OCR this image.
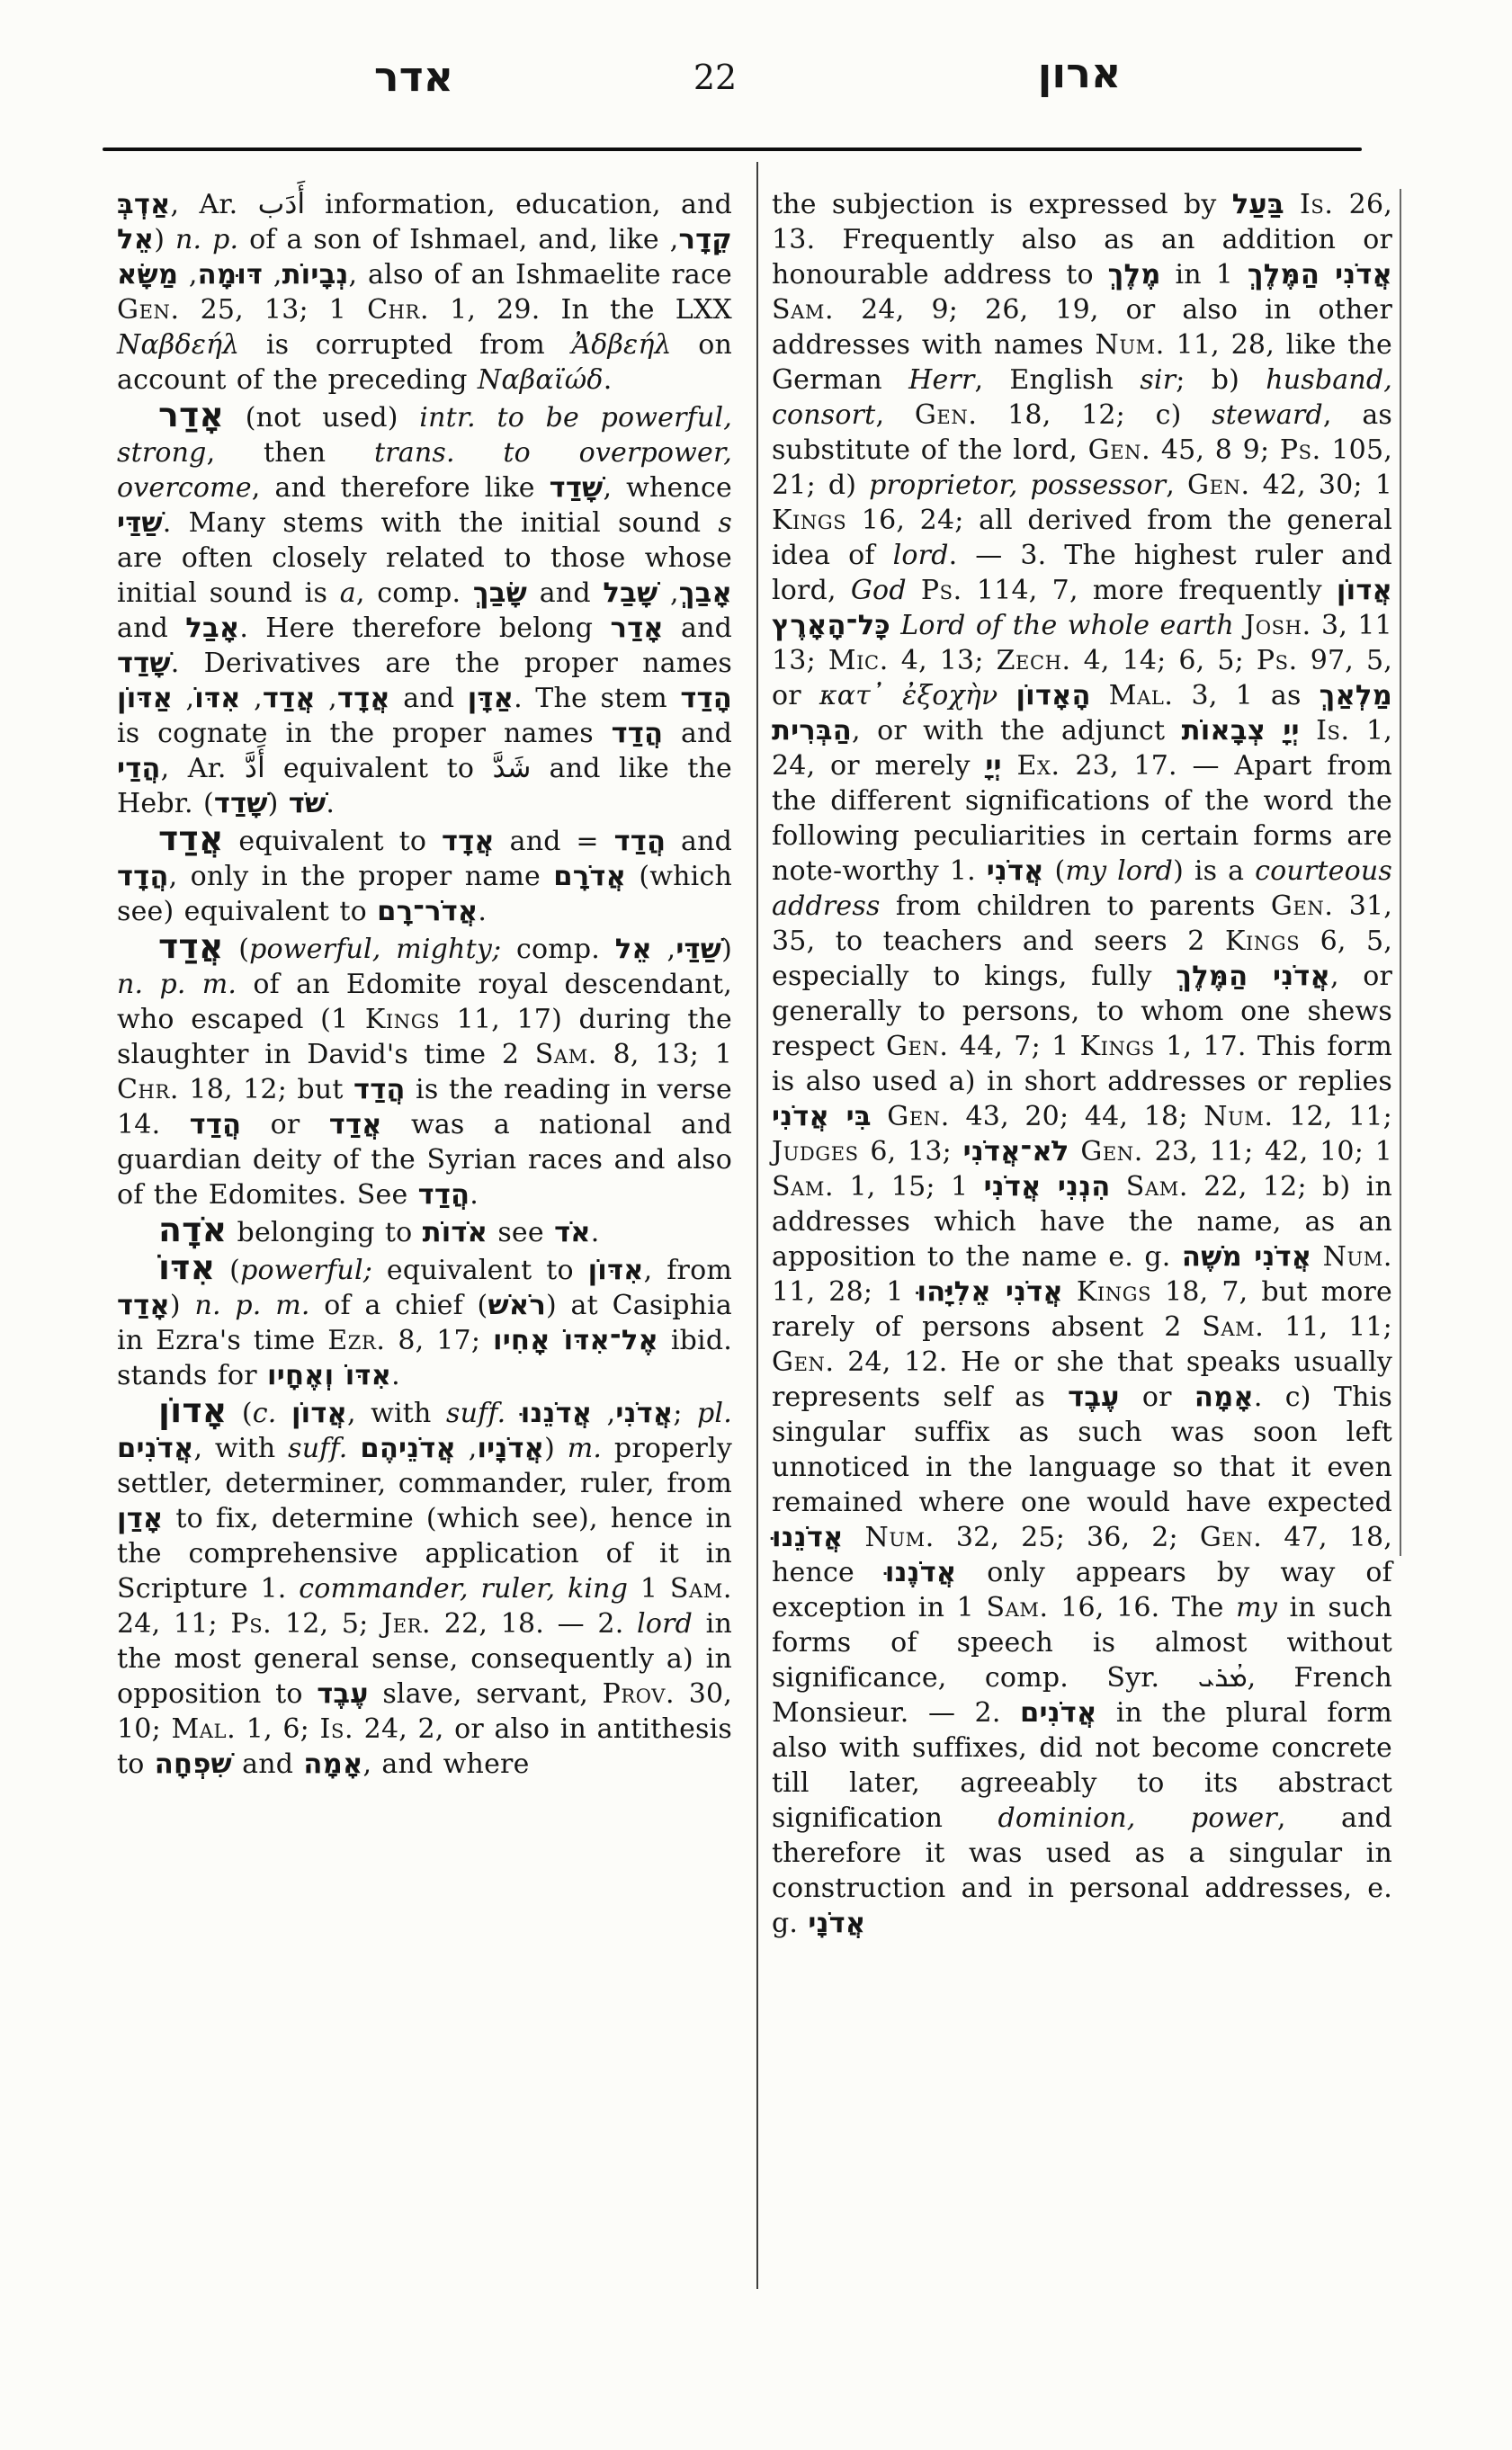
אדר	22	ארון

אַדְבְּ, Ar. أَدَب information, education, and אֵל) n. p. of a son of Ishmael, and, like קֵדָר, נְבָיוֹת, דּוּמָה, מַשָּׂא	, also of an Ishmaelite race Gen. 25, 13; 1 Chr. 1, 29. In the LXX Ναβδεήλ is corrupted from Ἀδβεήλ on account of the preceding Ναβαϊώδ.

אָדַר (not used) intr. to be powerful, strong, then trans. to overpower, overcome, and therefore like שָׁדַד, whence שַׁדַּי. Many stems with the initial sound s are often closely related to those whose initial sound is a, comp. שָׂבַךְ and	אָבַךְ, שָׁבַל and אָבַל. Here therefore belong אָדַר and שָׁדַד. Derivatives are the proper names אֲדָד, אֲדַד, אִדּוֹ, אַדּוֹן	and אַדָּן. The stem הָדַד is cognate in the proper names הֲדַד and הֲדַי, Ar. أَدَّ equivalent to شَدَّ and like the Hebr.	שֹׁד (שָׁדַד).

אֲדַד equivalent to אֲדָד and = הֲדַד and הֲדָד, only in the proper name אֲדֹרָם (which see) equivalent to אֲדֹר־רָם.

אֲדַד (powerful, mighty; comp. שַׁדַּי, אֵל	) n. p. m. of an Edomite royal descendant, who escaped (1 Kings 11, 17) during the slaughter in David's time 2 Sam. 8, 13; 1 Chr. 18, 12; but הֲדַד is the reading in verse 14. הֲדַד or אֲדַד was a national and guardian deity of the Syrian races and also of the Edomites. See הֲדַד.

אֹדָה belonging to אֹדוֹת see אֹד.

אִדּוֹ (powerful; equivalent to אִדּוֹן, from אָדַד) n. p. m. of a chief (רֹאשׁ) at Casiphia in Ezra's time Ezr. 8, 17; אֶל־אִדּוֹ אָחִיו ibid. stands for אִדּוֹ וְאֶחָיו.

אָדוֹן (c. אֲדוֹן, with suff.	אֲדֹנִי, אֲדֹנֵנוּ	; pl. אֲדֹנִים, with suff.	אֲדֹנָיו, אֲדֹנֵיהֶם	) m. properly settler, determiner, commander, ruler, from אָדַן to fix, determine (which see), hence in the comprehensive application of it in Scripture 1. commander, ruler, king 1 Sam. 24, 11; Ps. 12, 5; Jer. 22, 18. — 2. lord in the most general sense, consequently a) in opposition to עֶבֶד slave, servant, Prov. 30, 10; Mal. 1, 6; Is. 24, 2, or also in antithesis to שִׁפְחָה and אָמָה, and where

the subjection is expressed by בַּעַל Is. 26, 13. Frequently also as an addition or honourable address to מֶלֶךְ in אֲדֹנִי הַמֶּלֶךְ 1 Sam. 24, 9; 26, 19, or also in other addresses with names Num. 11, 28, like the German Herr, English sir; b) husband, consort, Gen. 18, 12; c) steward, as substitute of the lord, Gen. 45, 8 9; Ps. 105, 21; d) proprietor, possessor, Gen. 42, 30; 1 Kings 16, 24; all derived from the general idea of lord. — 3. The highest ruler and lord, God Ps. 114, 7, more frequently אֲדוֹן כָּל־הָאָרֶץ Lord of the whole earth Josh. 3, 11 13; Mic. 4, 13; Zech. 4, 14; 6, 5; Ps. 97, 5, or κατ᾽ ἐξοχὴν הָאָדוֹן Mal. 3, 1 as מַלְאַךְ הַבְּרִית, or with the adjunct יְיָ צְבָאוֹת Is. 1, 24, or merely יְיָ Ex. 23, 17. — Apart from the different significations of the word the following peculiarities in certain forms are note-worthy 1. אֲדֹנִי (my lord) is a courteous address from children to parents Gen. 31, 35, to teachers and seers 2 Kings 6, 5, especially to kings, fully אֲדֹנִי הַמֶּלֶךְ, or generally to persons, to whom one shews respect Gen. 44, 7; 1 Kings 1, 17. This form is also used a) in short addresses or replies בִּי אֲדֹנִי Gen. 43, 20; 44, 18; Num. 12, 11; Judges 6, 13; לֹא־אֲדֹנִי Gen. 23, 11; 42, 10; 1 Sam. 1, 15; הִנְנִי אֲדֹנִי 1 Sam. 22, 12; b) in addresses which have the name, as an apposition to the name e. g. אֲדֹנִי מֹשֶׁה Num. 11, 28; אֲדֹנִי אֵלִיָּהוּ 1 Kings 18, 7, but more rarely of persons absent 2 Sam. 11, 11; Gen. 24, 12. He or she that speaks usually represents self as עֶבֶד or אָמָה. c) This singular suffix as such was soon left unnoticed in the language so that it even remained where one would have expected אֲדֹנֵנוּ Num. 32, 25; 36, 2; Gen. 47, 18, hence אֲדֹנֶנוּ only appears by way of exception in 1 Sam. 16, 16. The my in such forms of speech is almost without significance, comp. Syr. ܡܳܪܝ, French Monsieur. — 2. אֲדֹנִים in the plural form also with suffixes, did not become concrete till later, agreeably to its abstract signification dominion, power, and therefore it was used as a singular in construction and in personal addresses, e. g. אֲדֹנָי
